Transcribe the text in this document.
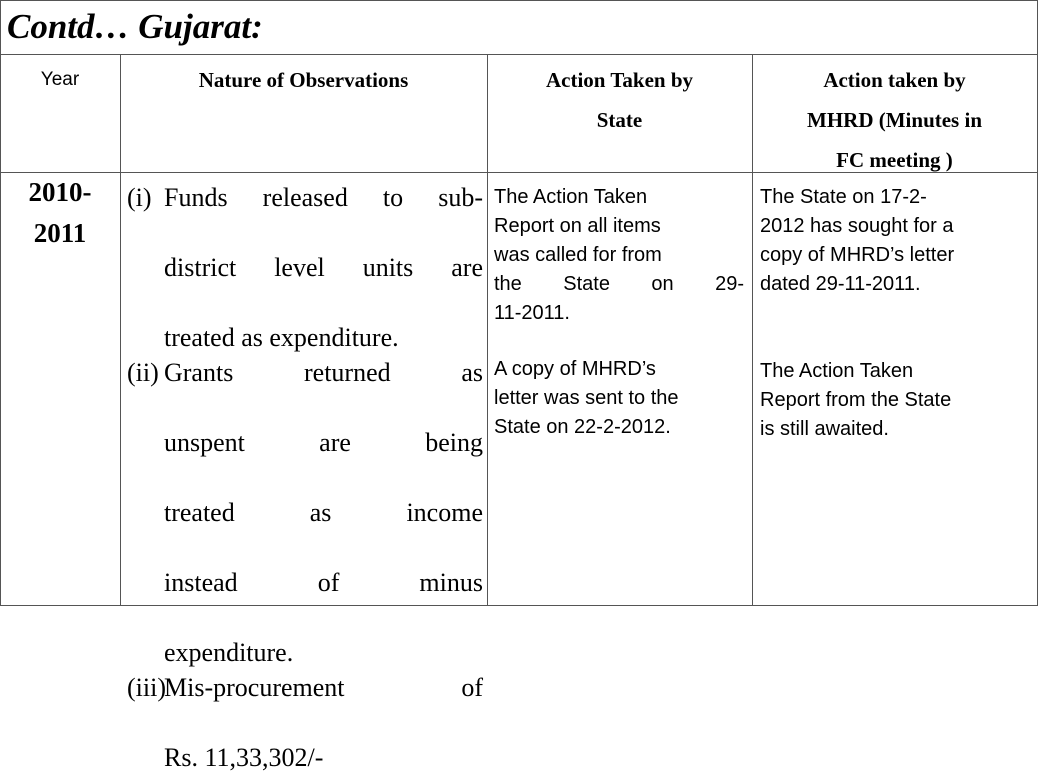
Contd… Gujarat:
Year	Nature of Observations	Action Taken by
State
Action taken by
MHRD (Minutes in
FC meeting )
2010-
2011
(i) Funds released to sub-
district level units are
treated as expenditure.
(ii) Grants returned as
unspent are being
treated as income
instead of minus
expenditure.
(iii)
Mis-procurement of
Rs. 11,33,302/-

The Action Taken

Report on all items

was called for from

the State on 29-

11-2011.

A copy of MHRD’s

letter was sent to the

State on 22-2-2012.

The State on 17-2-

2012 has sought for a

copy of MHRD’s letter

dated 29-11-2011.

The Action Taken

Report from the State

is still awaited.
